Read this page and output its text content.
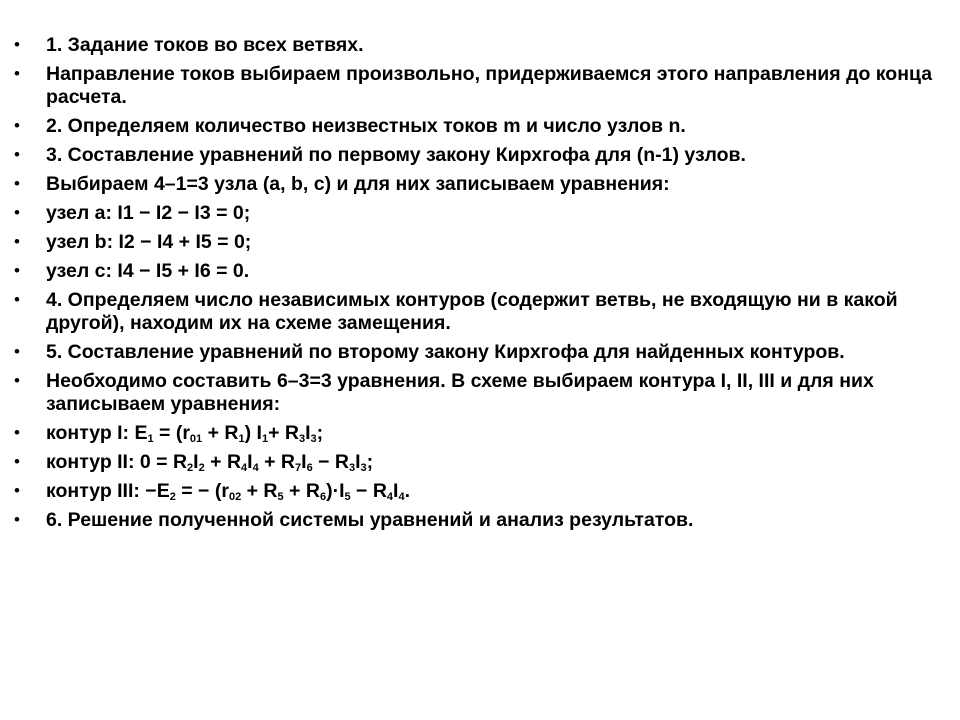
• 1. Задание токов во всех ветвях.
• Направление токов выбираем произвольно, придерживаемся этого направления до конца расчета.
• 2. Определяем количество неизвестных токов m и число узлов n.
• 3. Составление уравнений по первому закону Кирхгофа для (n-1) узлов.
• Выбираем 4–1=3 узла (a, b, c) и для них записываем уравнения:
• узел а: I1 − I2 − I3 = 0;
• узел b: I2 − I4 + I5 = 0;
• узел c: I4 − I5 + I6 = 0.
• 4. Определяем число независимых контуров (содержит ветвь, не входящую ни в какой другой), находим их на схеме замещения.
• 5. Составление уравнений по второму закону Кирхгофа для найденных контуров.
• Необходимо составить 6–3=3 уравнения. В схеме выбираем контура I, II, III и для них записываем уравнения:
• контур I: $E_1 = (r_{01} + R_1)$ $I_1+ R_3I_3$;
• контур II: $0 = R_2I_2 + R_4I_4 + R_7I_6 - R_3I_3$;
• контур III: $-E_2$ = − $(r_{02} + R_5 + R_6)\cdot I_5 - R_4I_4$.
• 6. Решение полученной системы уравнений и анализ результатов.
